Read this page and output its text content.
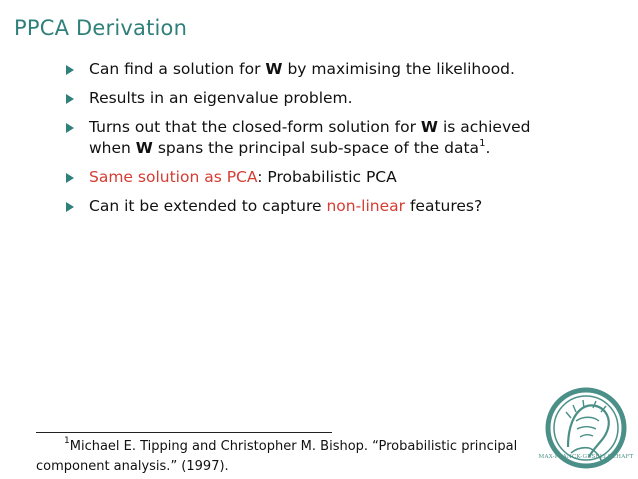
PPCA Derivation
Can find a solution for W by maximising the likelihood.
Results in an eigenvalue problem.
Turns out that the closed-form solution for W is achieved
when W spans the principal sub-space of the data$^1$.
Same solution as PCA: Probabilistic PCA
Can it be extended to capture non-linear features?
$^1$Michael E. Tipping and Christopher M. Bishop. “Probabilistic principal
component analysis.” (1997).
MAX-PLANCK-GESELLSCHAFT
